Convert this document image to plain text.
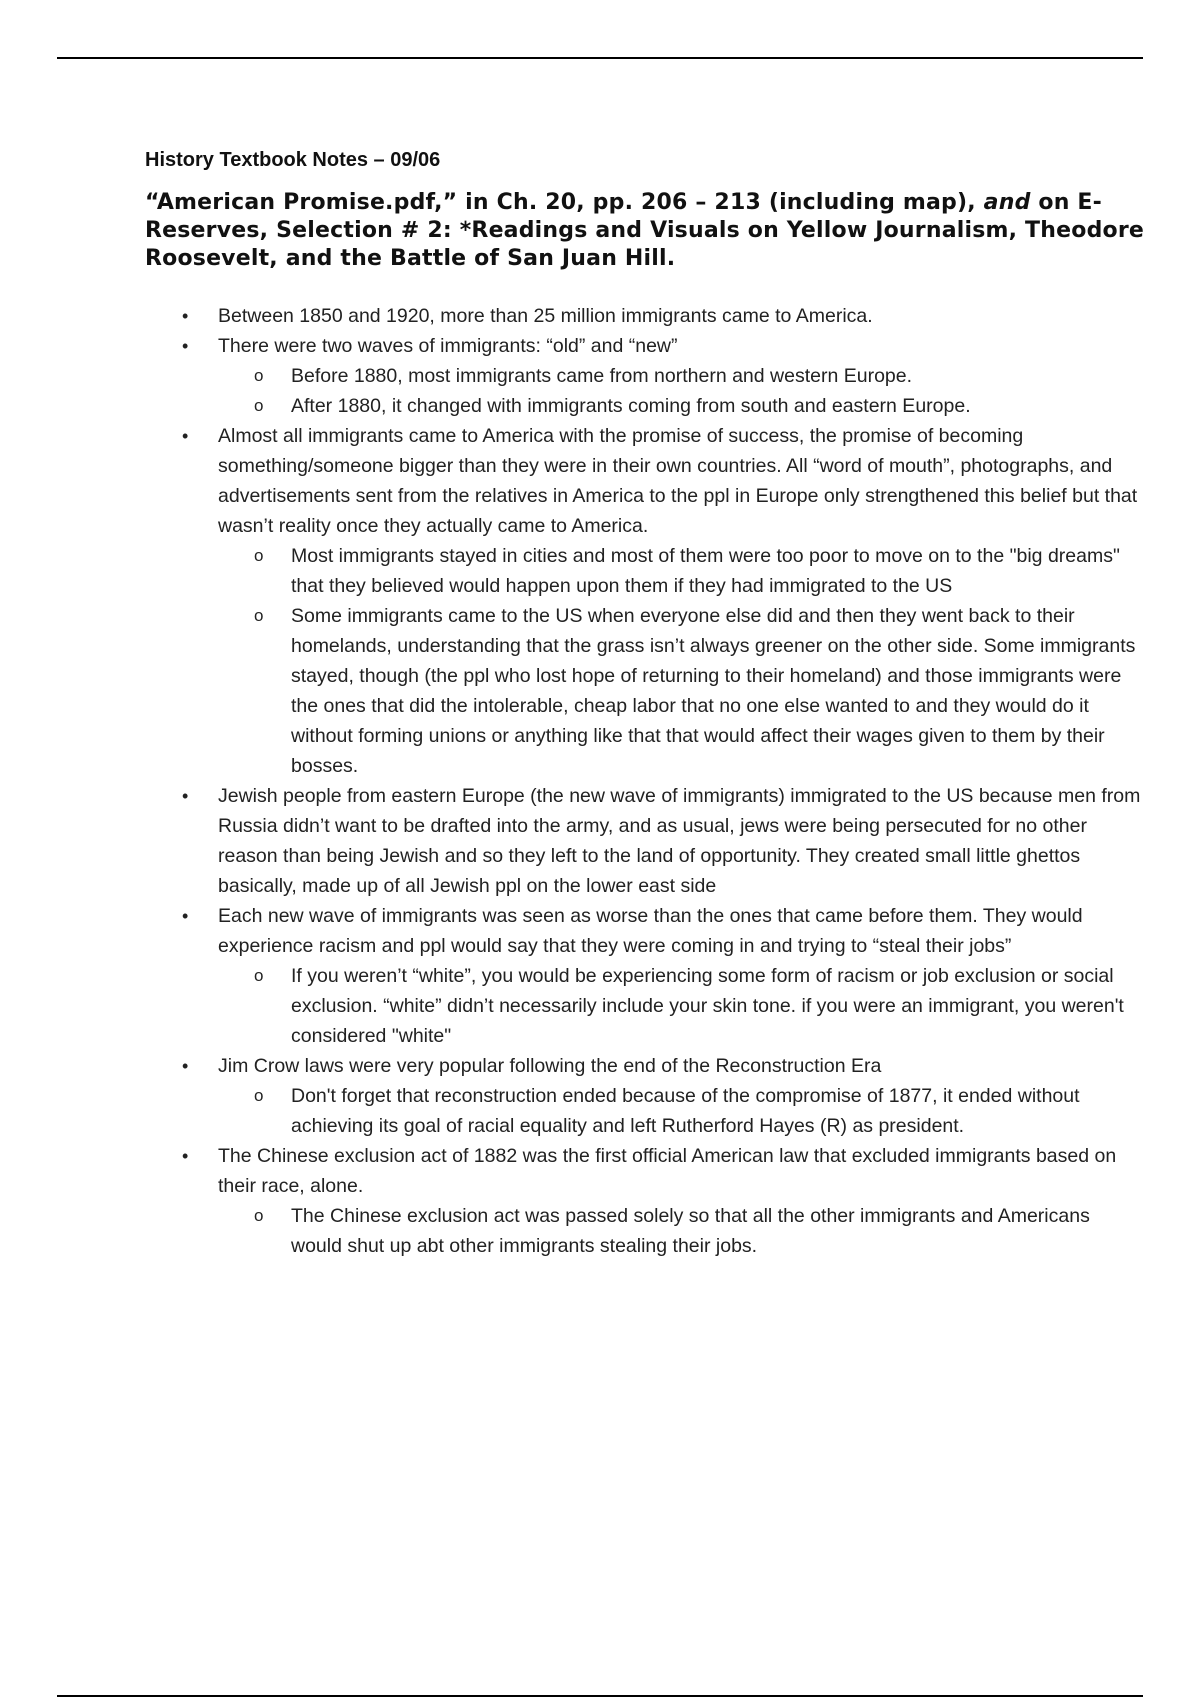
History Textbook Notes – 09/06
“American Promise.pdf,” in Ch. 20, pp. 206 – 213 (including map), and on E-Reserves, Selection # 2: *Readings and Visuals on Yellow Journalism, Theodore Roosevelt, and the Battle of San Juan Hill.
• Between 1850 and 1920, more than 25 million immigrants came to America.
• There were two waves of immigrants: “old” and “new”
o Before 1880, most immigrants came from northern and western Europe.
o After 1880, it changed with immigrants coming from south and eastern Europe.
• Almost all immigrants came to America with the promise of success, the promise of becoming something/someone bigger than they were in their own countries. All “word of mouth”, photographs, and advertisements sent from the relatives in America to the ppl in Europe only strengthened this belief but that wasn’t reality once they actually came to America.
o Most immigrants stayed in cities and most of them were too poor to move on to the "big dreams" that they believed would happen upon them if they had immigrated to the US
o Some immigrants came to the US when everyone else did and then they went back to their homelands, understanding that the grass isn’t always greener on the other side. Some immigrants stayed, though (the ppl who lost hope of returning to their homeland) and those immigrants were the ones that did the intolerable, cheap labor that no one else wanted to and they would do it without forming unions or anything like that that would affect their wages given to them by their bosses.
• Jewish people from eastern Europe (the new wave of immigrants) immigrated to the US because men from Russia didn’t want to be drafted into the army, and as usual, jews were being persecuted for no other reason than being Jewish and so they left to the land of opportunity. They created small little ghettos basically, made up of all Jewish ppl on the lower east side
• Each new wave of immigrants was seen as worse than the ones that came before them. They would experience racism and ppl would say that they were coming in and trying to “steal their jobs”
o If you weren’t “white”, you would be experiencing some form of racism or job exclusion or social exclusion. “white” didn’t necessarily include your skin tone. if you were an immigrant, you weren't considered "white"
• Jim Crow laws were very popular following the end of the Reconstruction Era
o Don't forget that reconstruction ended because of the compromise of 1877, it ended without achieving its goal of racial equality and left Rutherford Hayes (R) as president.
• The Chinese exclusion act of 1882 was the first official American law that excluded immigrants based on their race, alone.
o The Chinese exclusion act was passed solely so that all the other immigrants and Americans would shut up abt other immigrants stealing their jobs.
